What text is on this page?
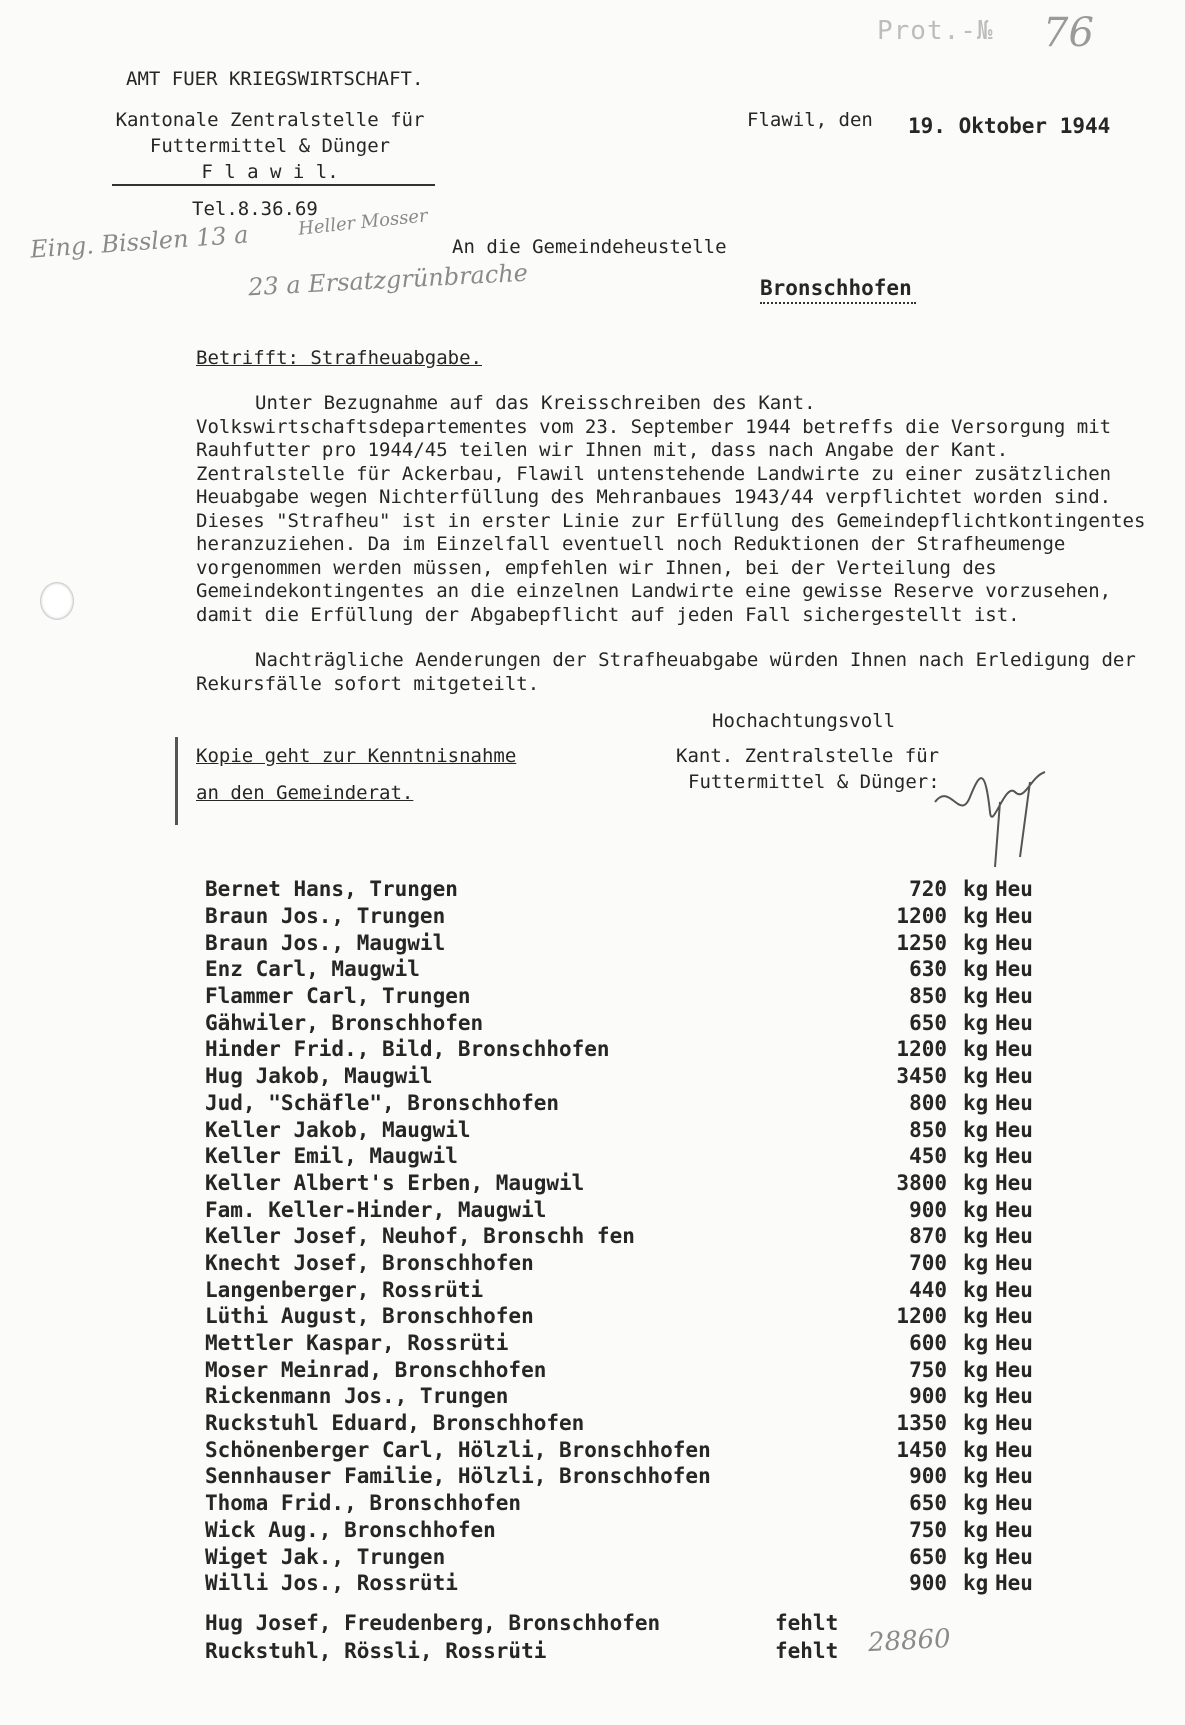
Prot.-№ 76
AMT FUER KRIEGSWIRTSCHAFT.
Kantonale Zentralstelle für
Futtermittel & Dünger
F l a w i l.
Tel.8.36.69
Flawil, den 19. Oktober 1944
Eing. Bisslen 13 a	Heller Mosser
23 a Ersatzgrünbrache
An die Gemeindeheustelle
Bronschhofen
Betrifft: Strafheuabgabe.

Unter Bezugnahme auf das Kreisschreiben des Kant. Volkswirtschaftsdepartementes vom 23. September 1944 betreffs die Versorgung mit Rauhfutter pro 1944/45 teilen wir Ihnen mit, dass nach Angabe der Kant. Zentralstelle für Ackerbau, Flawil untenstehende Landwirte zu einer zusätzlichen Heuabgabe wegen Nichterfüllung des Mehranbaues 1943/44 verpflichtet worden sind. Dieses "Strafheu" ist in erster Linie zur Erfüllung des Gemeindepflichtkontingentes heranzuziehen. Da im Einzelfall eventuell noch Reduktionen der Strafheumenge vorgenommen werden müssen, empfehlen wir Ihnen, bei der Verteilung des Gemeindekontingentes an die einzelnen Landwirte eine gewisse Reserve vorzusehen, damit die Erfüllung der Abgabepflicht auf jeden Fall sichergestellt ist.

Nachträgliche Aenderungen der Strafheuabgabe würden Ihnen nach Erledigung der Rekursfälle sofort mitgeteilt.

Hochachtungsvoll
Kant. Zentralstelle für
Futtermittel & Dünger:
Kopie geht zur Kenntnisnahme
an den Gemeinderat.
Bernet Hans, Trungen	720 kg Heu
Braun Jos., Trungen	1200 kg Heu
Braun Jos., Maugwil	1250 kg Heu
Enz Carl, Maugwil	630 kg Heu
Flammer Carl, Trungen	850 kg Heu
Gähwiler, Bronschhofen	650 kg Heu
Hinder Frid., Bild, Bronschhofen	1200 kg Heu
Hug Jakob, Maugwil	3450 kg Heu
Jud, "Schäfle", Bronschhofen	800 kg Heu
Keller Jakob, Maugwil	850 kg Heu
Keller Emil, Maugwil	450 kg Heu
Keller Albert's Erben, Maugwil	3800 kg Heu
Fam. Keller-Hinder, Maugwil	900 kg Heu
Keller Josef, Neuhof, Bronschh fen	870 kg Heu
Knecht Josef, Bronschhofen	700 kg Heu
Langenberger, Rossrüti	440 kg Heu
Lüthi August, Bronschhofen	1200 kg Heu
Mettler Kaspar, Rossrüti	600 kg Heu
Moser Meinrad, Bronschhofen	750 kg Heu
Rickenmann Jos., Trungen	900 kg Heu
Ruckstuhl Eduard, Bronschhofen	1350 kg Heu
Schönenberger Carl, Hölzli, Bronschhofen	1450 kg Heu
Sennhauser Familie, Hölzli, Bronschhofen	900 kg Heu
Thoma Frid., Bronschhofen	650 kg Heu
Wick Aug., Bronschhofen	750 kg Heu
Wiget Jak., Trungen	650 kg Heu
Willi Jos., Rossrüti	900 kg Heu
Hug Josef, Freudenberg, Bronschhofen	fehlt
Ruckstuhl, Rössli, Rossrüti	fehlt 28860
